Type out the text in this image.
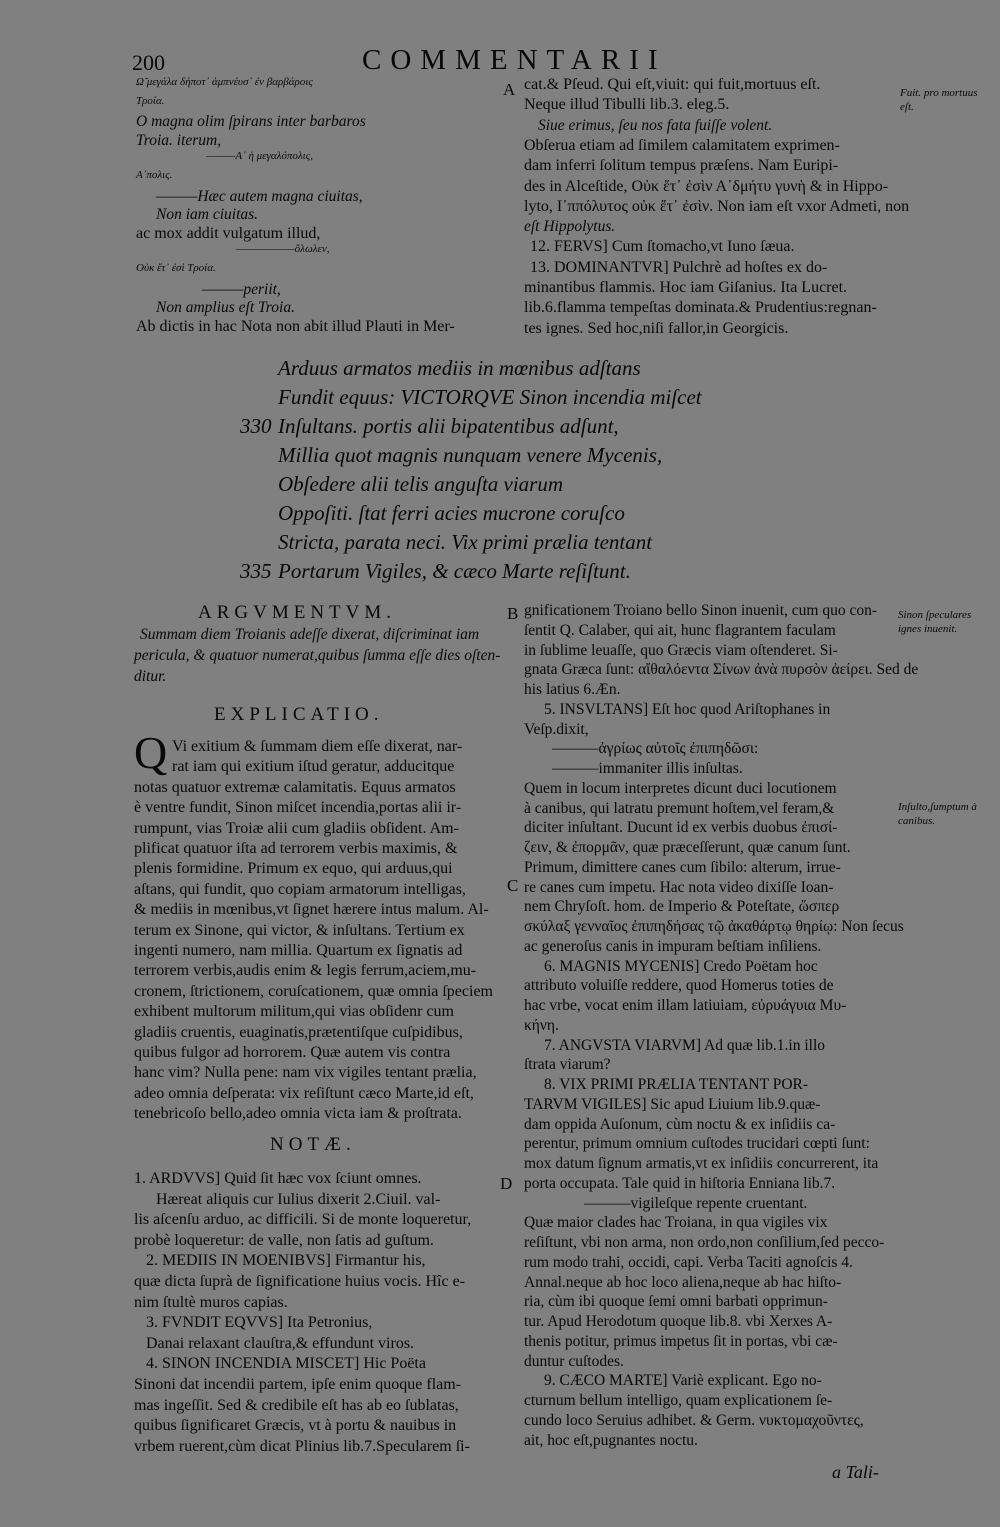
200	COMMENTARII
Ω̃ μεγάλα δήποτ᾽ ἀμπνέυσ᾽ ἐν βαρβάροις
Τροία.
O magna olim ſpirans inter barbaros
Troia. iterum,
———Α᾽ ἡ μεγαλόπολις,
Α᾽πολις.
———Hæc autem magna ciuitas,
Non iam ciuitas.
ac mox addit vulgatum illud,
——————ὄλωλεν,
Οὐκ ἔτ᾽ ἐσὶ Τροία.
———periit,
Non amplius eſt Troia.
Ab dictis in hac Nota non abit illud Plauti in Mer-
cat.& Pſeud. Qui eſt,viuit: qui fuit,mortuus eſt.
Neque illud Tibulli lib.3. eleg.5.
Siue erimus, ſeu nos fata fuiſſe volent.
Obſerua etiam ad ſimilem calamitatem exprimen-
dam inferri ſolitum tempus præſens. Nam Euripi-
des in Alceſtide, Οὐκ ἔτ᾽ ἐσὶν Α᾽δμήτυ γυνὴ & in Hippo-
lyto, Ι᾽ππόλυτος οὐκ ἔτ᾽ ἐσὶν. Non iam eſt vxor Admeti, non
eſt Hippolytus.
12. FERVS] Cum ſtomacho,vt Iuno ſæua.
13. DOMINANTVR] Pulchrè ad hoſtes ex do-
minantibus flammis. Hoc iam Giſanius. Ita Lucret.
lib.6.flamma tempeſtas dominata.& Prudentius:regnan-
tes ignes. Sed hoc,niſi fallor,in Georgicis.
Arduus armatos mediis in mœnibus adſtans
Fundit equus: VICTORQVE Sinon incendia miſcet
330 Inſultans. portis alii bipatentibus adſunt,
Millia quot magnis nunquam venere Mycenis,
Obſedere alii telis anguſta viarum
Oppoſiti. ſtat ferri acies mucrone coruſco
Stricta, parata neci. Vix primi prælia tentant
335 Portarum Vigiles, & cæco Marte reſiſtunt.
ARGVMENTVM.
Summam diem Troianis adeſſe dixerat, diſcriminat iam
pericula, & quatuor numerat,quibus ſumma eſſe dies oſten-
ditur.
EXPLICATIO.
Q Vi exitium & ſummam diem eſſe dixerat, nar-
rat iam qui exitium iſtud geratur, adducitque
notas quatuor extremæ calamitatis. Equus armatos
è ventre fundit, Sinon miſcet incendia,portas alii ir-
rumpunt, vias Troiæ alii cum gladiis obſident. Am-
plificat quatuor iſta ad terrorem verbis maximis, &
plenis formidine. Primum ex equo, qui arduus,qui
aſtans, qui fundit, quo copiam armatorum intelligas,
& mediis in mœnibus,vt ſignet hærere intus malum. Al-
terum ex Sinone, qui victor, & inſultans. Tertium ex
ingenti numero, nam millia. Quartum ex ſignatis ad
terrorem verbis,audis enim & legis ferrum,aciem,mu-
cronem, ſtrictionem, coruſcationem, quæ omnia ſpeciem
exhibent multorum militum,qui vias obſidenr cum
gladiis cruentis, euaginatis,prætentiſque cuſpidibus,
quibus fulgor ad horrorem. Quæ autem vis contra
hanc vim? Nulla pene: nam vix vigiles tentant prælia,
adeo omnia deſperata: vix reſiſtunt cæco Marte,id eſt,
tenebricoſo bello,adeo omnia victa iam & proſtrata.
NOTÆ.
1. ARDVVS] Quid ſit hæc vox ſciunt omnes.
Hæreat aliquis cur Iulius dixerit 2.Ciuil. val-
lis aſcenſu arduo, ac difficili. Si de monte loqueretur,
probè loqueretur: de valle, non ſatis ad guſtum.
2. MEDIIS IN MOENIBVS] Firmantur his,
quæ dicta ſuprà de ſignificatione huius vocis. Hîc e-
nim ſtultè muros capias.
3. FVNDIT EQVVS] Ita Petronius,
Danai relaxant clauſtra,& effundunt viros.
4. SINON INCENDIA MISCET] Hic Poëta
Sinoni dat incendii partem, ipſe enim quoque flam-
mas ingeſſit. Sed & credibile eſt has ab eo ſublatas,
quibus ſignificaret Græcis, vt à portu & nauibus in
vrbem ruerent,cùm dicat Plinius lib.7.Specularem ſi-
gnificationem Troiano bello Sinon inuenit, cum quo con-
ſentit Q. Calaber, qui ait, hunc flagrantem faculam
in ſublime leuaſſe, quo Græcis viam oſtenderet. Si-
gnata Græca ſunt: αἴθαλόεντα Σίνων ἀνὰ πυρσὸν ἀείρει. Sed de
his latius 6.Æn.
5. INSVLTANS] Eſt hoc quod Ariſtophanes in
Veſp.dixit,
———ἀγρίως αὐτοῖς ἐπιπηδῶσι:
———immaniter illis inſultas.
Quem in locum interpretes dicunt duci locutionem
à canibus, qui latratu premunt hoſtem,vel feram,&
diciter inſultant. Ducunt id ex verbis duobus ἐπισί-
ζειν, & ἐπορμᾶν, quæ præceſſerunt, quæ canum ſunt.
Primum, dimittere canes cum ſibilo: alterum, irrue-
re canes cum impetu. Hac nota video dixiſſe Ioan-
nem Chryſoſt. hom. de Imperio & Poteſtate, ὥσπερ
σκύλαξ γενναῖος ἐπιπηδήσας τῷ ἀκαθάρτῳ θηρίῳ: Non ſecus
ac generoſus canis in impuram beſtiam inſiliens.
6. MAGNIS MYCENIS] Credo Poëtam hoc
attributo voluiſſe reddere, quod Homerus toties de
hac vrbe, vocat enim illam latiuiam, εὐρυάγυια Μυ-
κήνη.
7. ANGVSTA VIARVM] Ad quæ lib.1.in illo
ſtrata viarum?
8. VIX PRIMI PRÆLIA TENTANT POR-
TARVM VIGILES] Sic apud Liuium lib.9.quæ-
dam oppida Auſonum, cùm noctu & ex inſidiis ca-
perentur, primum omnium cuſtodes trucidari cœpti ſunt:
mox datum ſignum armatis,vt ex inſidiis concurrerent, ita
porta occupata. Tale quid in hiſtoria Enniana lib.7.
———vigileſque repente cruentant.
Quæ maior clades hac Troiana, in qua vigiles vix
reſiſtunt, vbi non arma, non ordo,non conſilium,ſed pecco-
rum modo trahi, occidi, capi. Verba Taciti agnoſcis 4.
Annal.neque ab hoc loco aliena,neque ab hac hiſto-
ria, cùm ibi quoque ſemi omni barbati opprimun-
tur. Apud Herodotum quoque lib.8. vbi Xerxes A-
thenis potitur, primus impetus ſit in portas, vbi cæ-
duntur cuſtodes.
9. CÆCO MARTE] Variè explicant. Ego no-
cturnum bellum intelligo, quam explicationem ſe-
cundo loco Seruius adhibet. & Germ. νυκτομαχοῦντες,
ait, hoc eſt,pugnantes noctu.
A
B
C
D
Fuit. pro mortuus eſt.
Sinon ſpeculares ignes inuenit.
Inſulto,ſumptum à canibus.
a Tali-
